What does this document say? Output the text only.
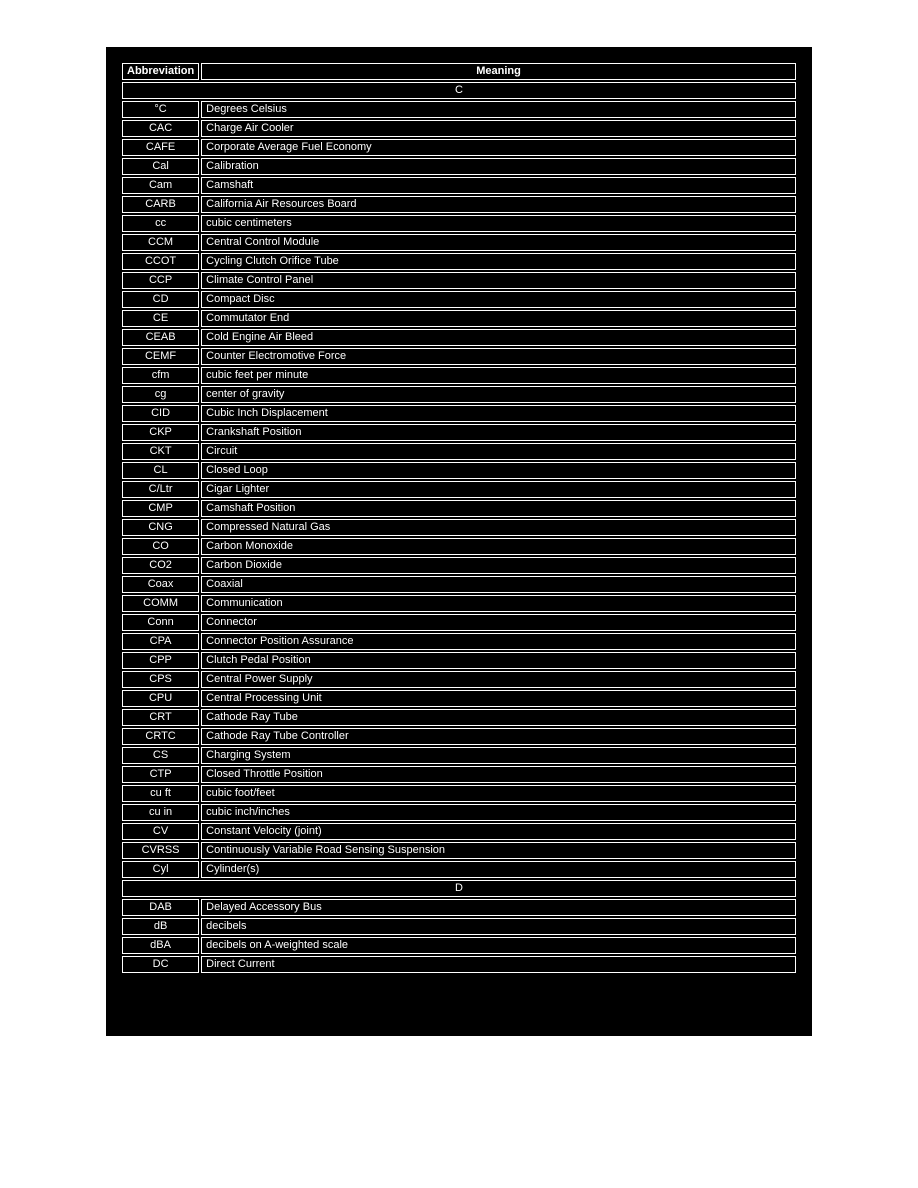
Abbreviation	Meaning
C	
°C	Degrees Celsius
CAC	Charge Air Cooler
CAFE	Corporate Average Fuel Economy
Cal	Calibration
Cam	Camshaft
CARB	California Air Resources Board
cc	cubic centimeters
CCM	Central Control Module
CCOT	Cycling Clutch Orifice Tube
CCP	Climate Control Panel
CD	Compact Disc
CE	Commutator End
CEAB	Cold Engine Air Bleed
CEMF	Counter Electromotive Force
cfm	cubic feet per minute
cg	center of gravity
CID	Cubic Inch Displacement
CKP	Crankshaft Position
CKT	Circuit
CL	Closed Loop
C/Ltr	Cigar Lighter
CMP	Camshaft Position
CNG	Compressed Natural Gas
CO	Carbon Monoxide
CO2	Carbon Dioxide
Coax	Coaxial
COMM	Communication
Conn	Connector
CPA	Connector Position Assurance
CPP	Clutch Pedal Position
CPS	Central Power Supply
CPU	Central Processing Unit
CRT	Cathode Ray Tube
CRTC	Cathode Ray Tube Controller
CS	Charging System
CTP	Closed Throttle Position
cu ft	cubic foot/feet
cu in	cubic inch/inches
CV	Constant Velocity (joint)
CVRSS	Continuously Variable Road Sensing Suspension
Cyl	Cylinder(s)
D	
DAB	Delayed Accessory Bus
dB	decibels
dBA	decibels on A-weighted scale
DC	Direct Current
